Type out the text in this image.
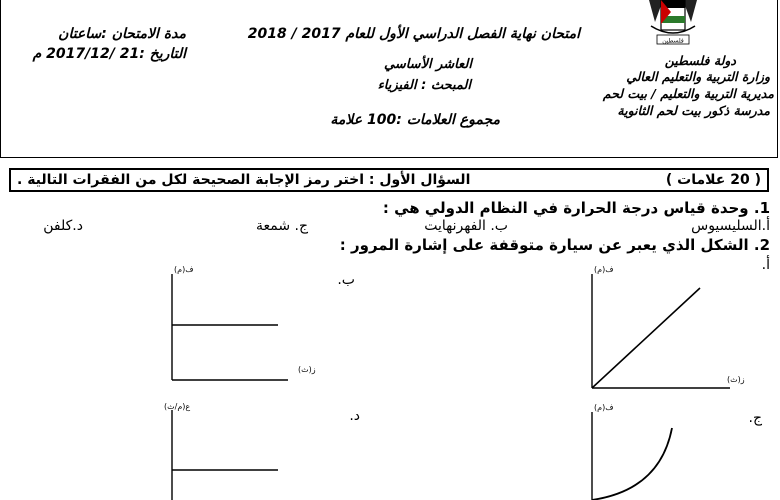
فلسطين
دولة فلسطين
وزارة التربية والتعليم العالي
مديرية التربية والتعليم / بيت لحم
مدرسة ذكور بيت لحم الثانوية
امتحان نهاية الفصل الدراسي الأول للعام 2017 / 2018
العاشر الأساسي
المبحث : الفيزياء
مجموع العلامات :100 علامة
مدة الامتحان :ساعتان
التاريخ :21 /2017/12 م
السؤال الأول : اختر رمز الإجابة الصحيحة لكل من الفقرات التالية .	( 20 علامات )
1. وحدة قياس درجة الحرارة في النظام الدولي هي :
أ.السليسيوس
ب. الفهرنهايت
ج. شمعة
د.كلفن
2. الشكل الذي يعبر عن سيارة متوقفة على إشارة المرور :
أ.
ب.
ج.
د.
ف(م)
ز(ث)
ف(م)
ز(ث)
ف(م)
ع(م/ث)
